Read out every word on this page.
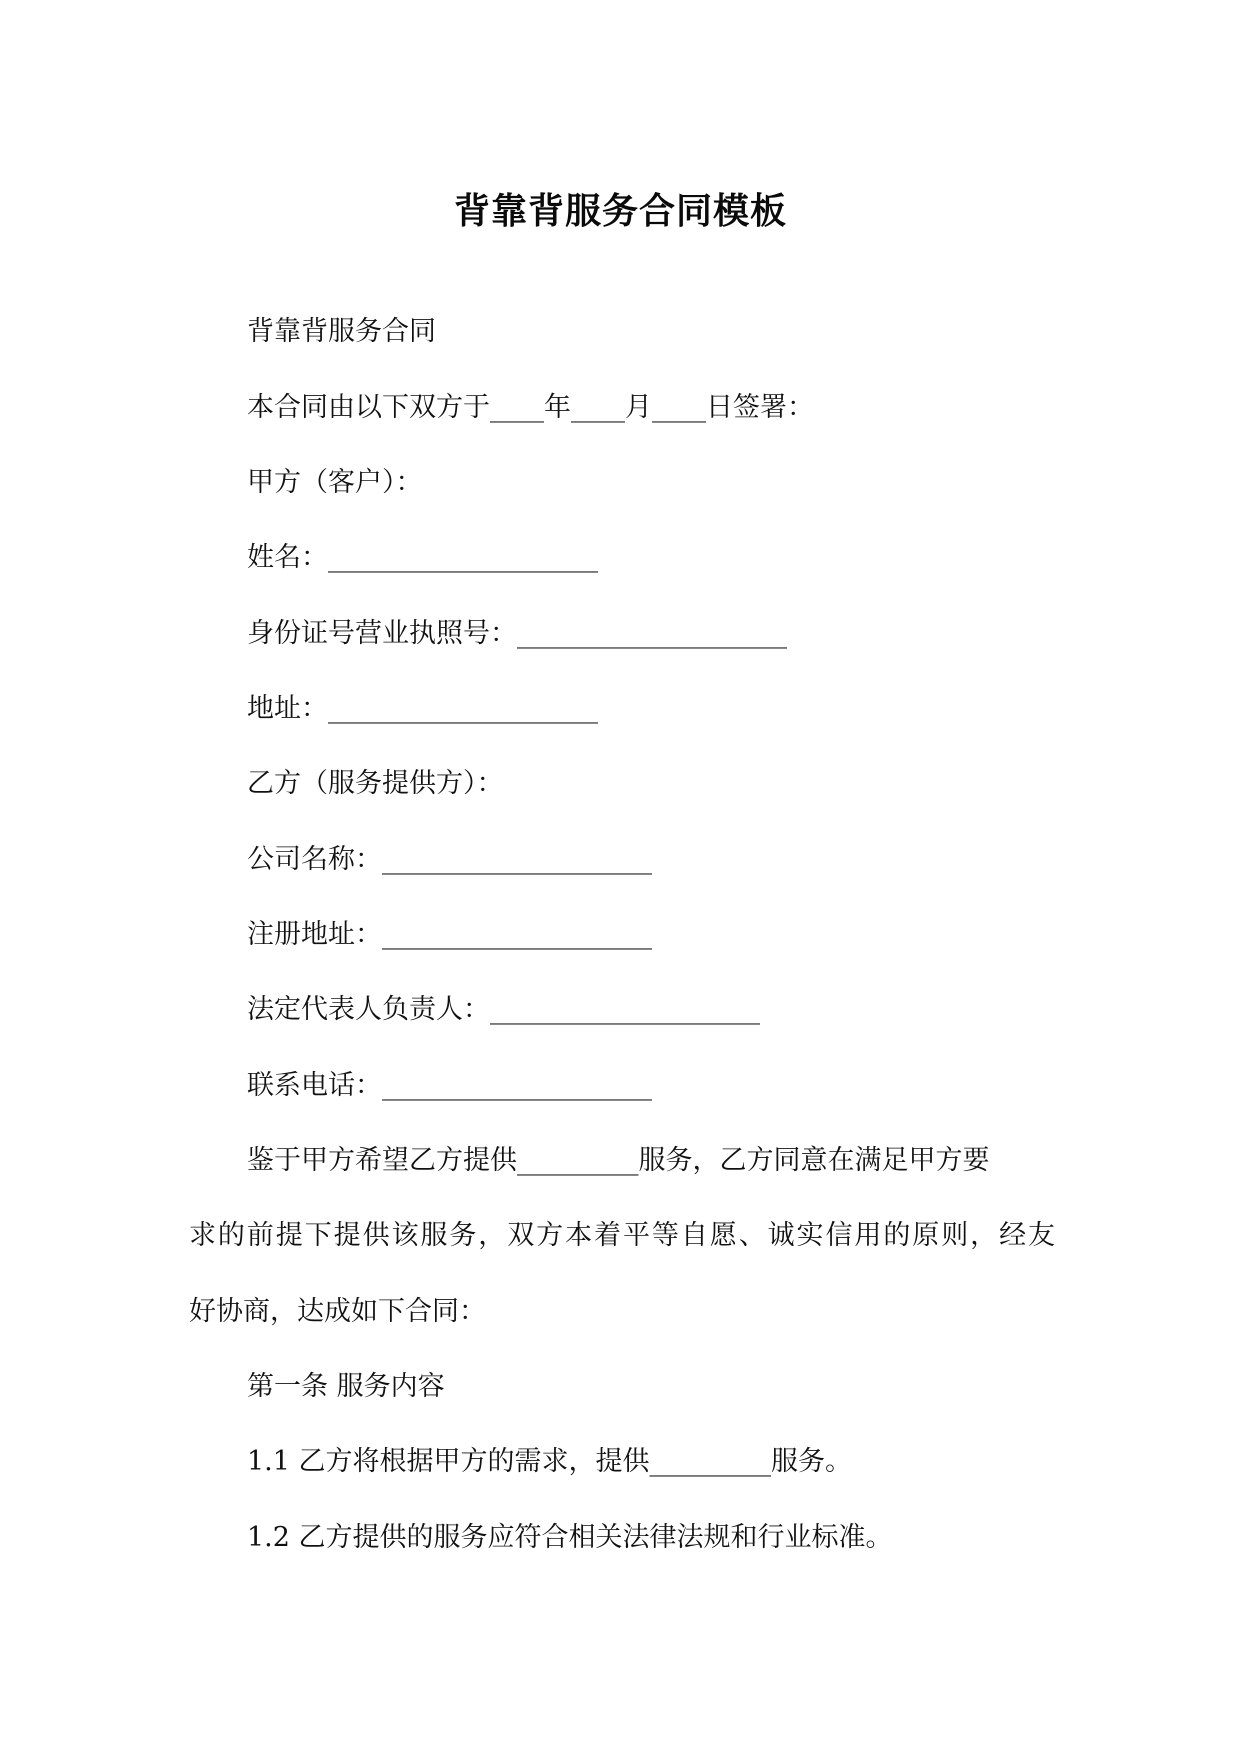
背靠背服务合同模板
背靠背服务合同
本合同由以下双方于____年____月____日签署：
甲方（客户）：
姓名：____________________
身份证号营业执照号：____________________
地址：____________________
乙方（服务提供方）：
公司名称：____________________
注册地址：____________________
法定代表人负责人：____________________
联系电话：____________________
鉴于甲方希望乙方提供_________服务，乙方同意在满足甲方要
求的前提下提供该服务，双方本着平等自愿、诚实信用的原则，经友
好协商，达成如下合同：
第一条 服务内容
1.1 乙方将根据甲方的需求，提供_________服务。
1.2 乙方提供的服务应符合相关法律法规和行业标准。
